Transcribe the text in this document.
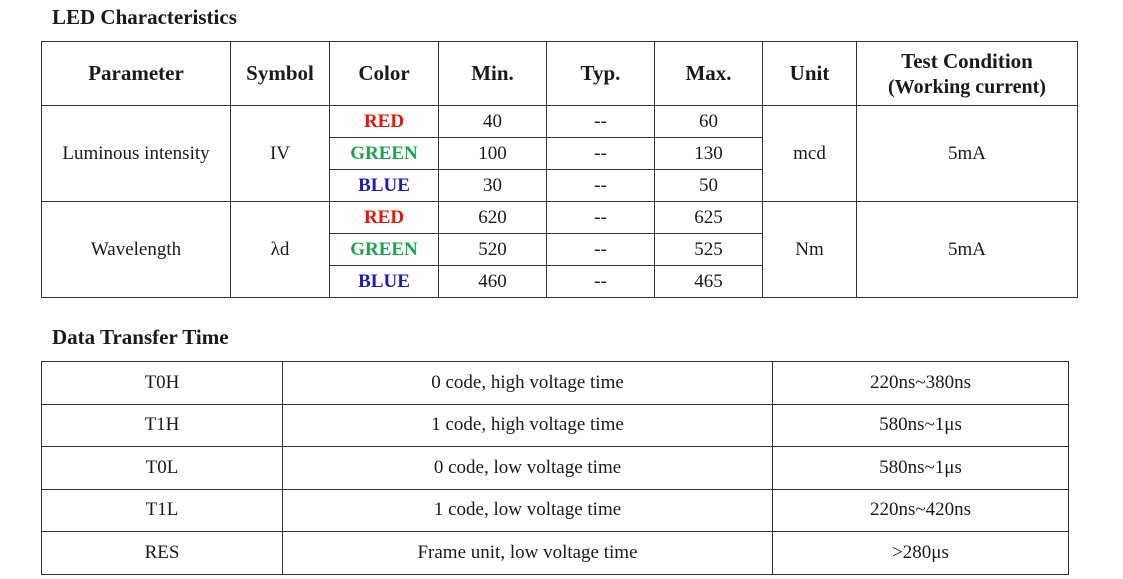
LED Characteristics
Parameter	Symbol	Color	Min.	Typ.	Max.	Unit	Test Condition
(Working current)

Luminous intensity	IV	RED	40	--	60	mcd	5mA
		GREEN	100	--	130		
		BLUE	30	--	50		
Wavelength	λd	RED	620	--	625	Nm	5mA
		GREEN	520	--	525		
		BLUE	460	--	465		
Data Transfer Time
T0H	0 code, high voltage time	220ns~380ns
T1H	1 code, high voltage time	580ns~1μs
T0L	0 code, low voltage time	580ns~1μs
T1L	1 code, low voltage time	220ns~420ns
RES	Frame unit, low voltage time	>280μs
